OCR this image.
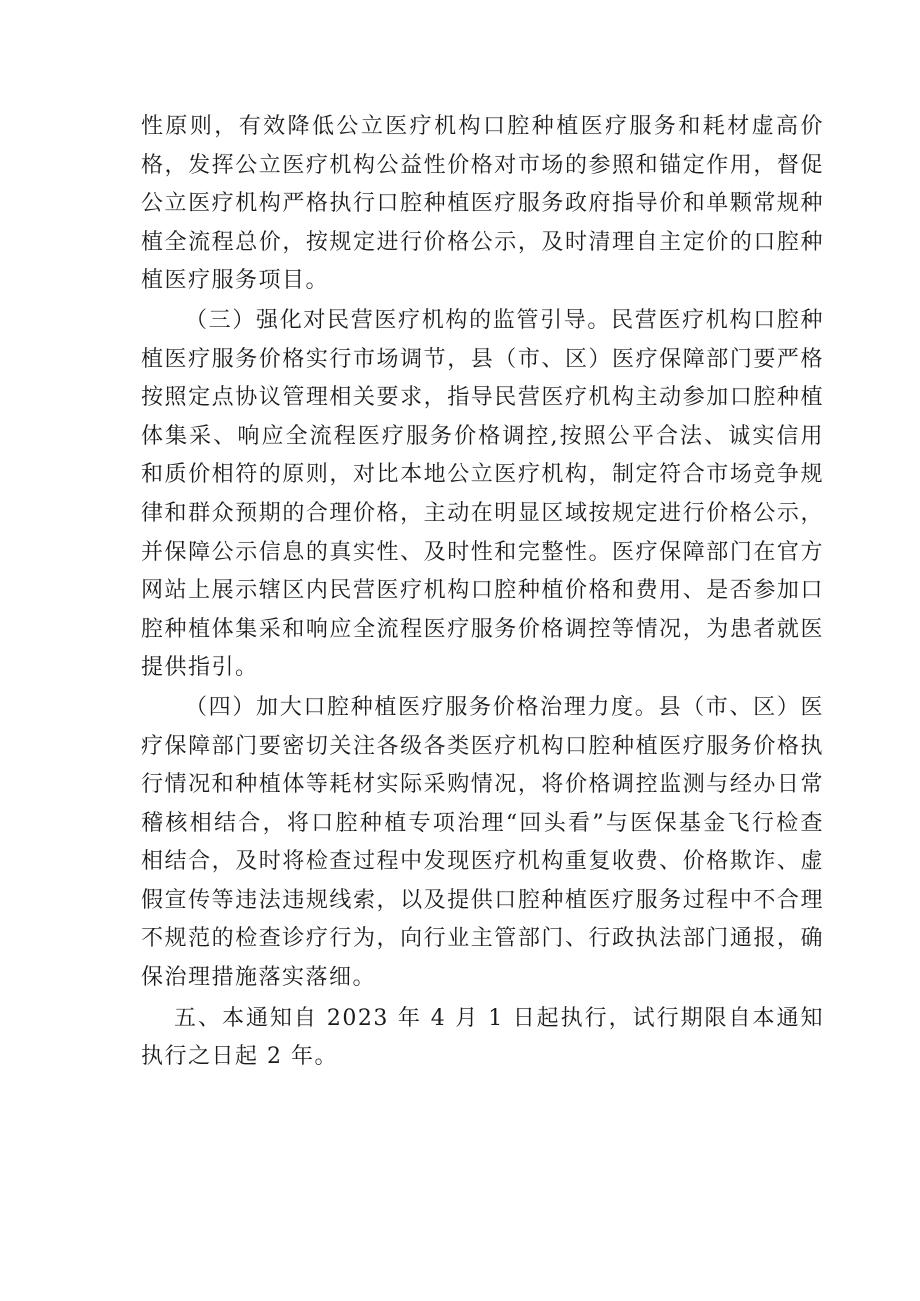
性原则，有效降低公立医疗机构口腔种植医疗服务和耗材虚高价格，发挥公立医疗机构公益性价格对市场的参照和锚定作用，督促公立医疗机构严格执行口腔种植医疗服务政府指导价和单颗常规种植全流程总价，按规定进行价格公示，及时清理自主定价的口腔种植医疗服务项目。

（三）强化对民营医疗机构的监管引导。民营医疗机构口腔种植医疗服务价格实行市场调节，县（市、区）医疗保障部门要严格按照定点协议管理相关要求，指导民营医疗机构主动参加口腔种植体集采、响应全流程医疗服务价格调控,按照公平合法、诚实信用和质价相符的原则，对比本地公立医疗机构，制定符合市场竞争规律和群众预期的合理价格，主动在明显区域按规定进行价格公示，并保障公示信息的真实性、及时性和完整性。医疗保障部门在官方网站上展示辖区内民营医疗机构口腔种植价格和费用、是否参加口腔种植体集采和响应全流程医疗服务价格调控等情况，为患者就医提供指引。

（四）加大口腔种植医疗服务价格治理力度。县（市、区）医疗保障部门要密切关注各级各类医疗机构口腔种植医疗服务价格执行情况和种植体等耗材实际采购情况，将价格调控监测与经办日常稽核相结合，将口腔种植专项治理“回头看”与医保基金飞行检查相结合，及时将检查过程中发现医疗机构重复收费、价格欺诈、虚假宣传等违法违规线索，以及提供口腔种植医疗服务过程中不合理不规范的检查诊疗行为，向行业主管部门、行政执法部门通报，确保治理措施落实落细。

五、本通知自 2023 年 4 月 1 日起执行，试行期限自本通知执行之日起 2 年。
